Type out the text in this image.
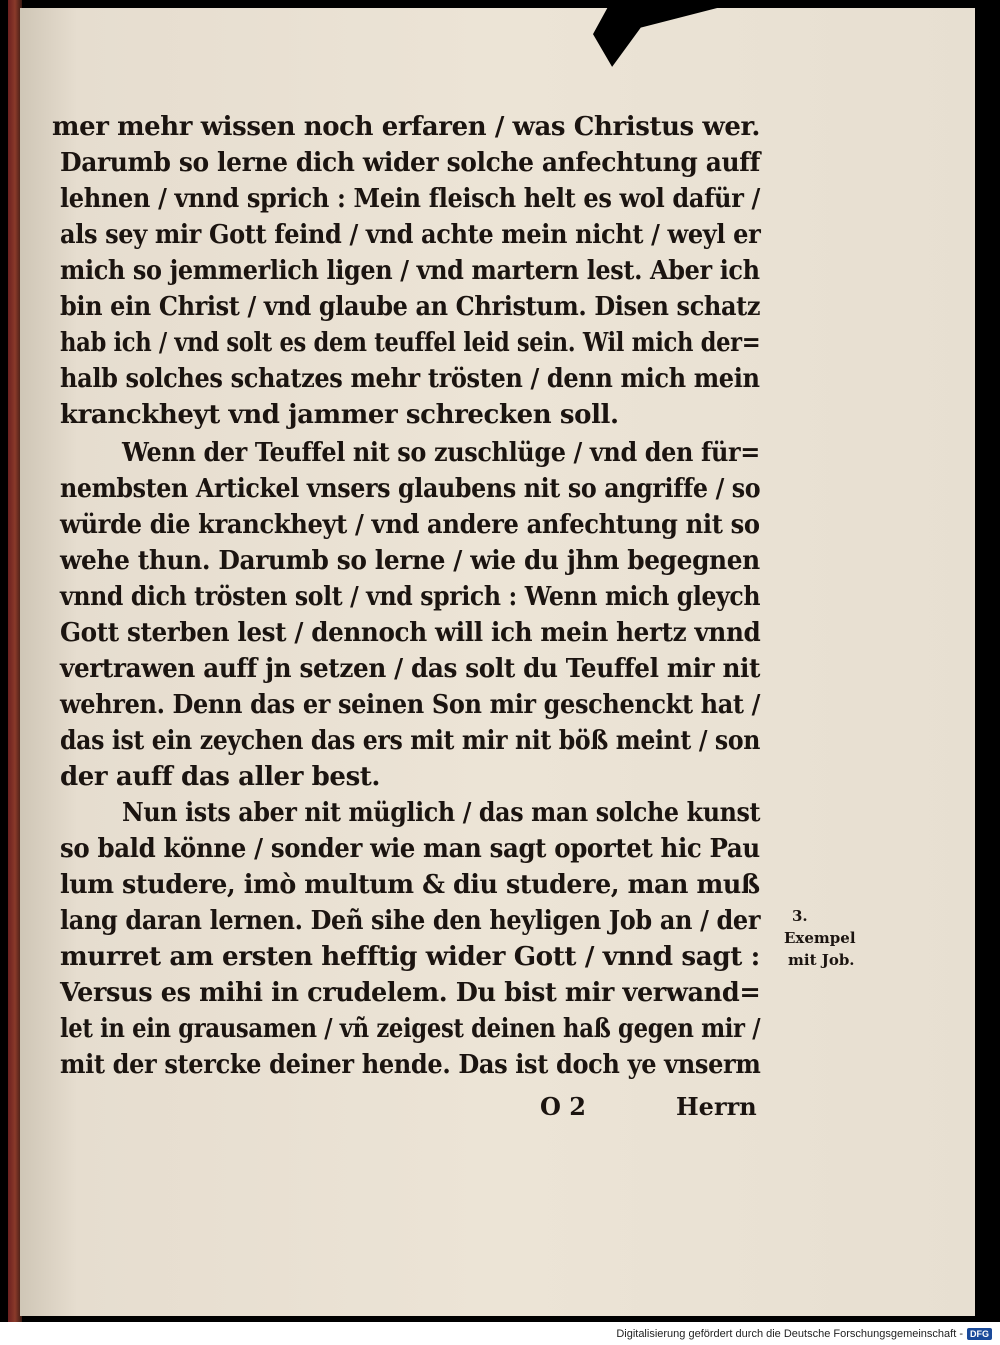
mer mehr wissen noch erfaren / was Christus wer.
Darumb so lerne dich wider solche anfechtung auff
lehnen / vnnd sprich : Mein fleisch helt es wol dafür /
als sey mir Gott feind / vnd achte mein nicht / weyl er
mich so jemmerlich ligen / vnd martern lest. Aber ich
bin ein Christ / vnd glaube an Christum. Disen schatz
hab ich / vnd solt es dem teuffel leid sein. Wil mich der=
halb solches schatzes mehr trösten / denn mich mein
kranckheyt vnd jammer schrecken soll.
Wenn der Teuffel nit so zuschlüge / vnd den für=
nembsten Artickel vnsers glaubens nit so angriffe / so
würde die kranckheyt / vnd andere anfechtung nit so
wehe thun. Darumb so lerne / wie du jhm begegnen
vnnd dich trösten solt / vnd sprich : Wenn mich gleych
Gott sterben lest / dennoch will ich mein hertz vnnd
vertrawen auff jn setzen / das solt du Teuffel mir nit
wehren. Denn das er seinen Son mir geschenckt hat /
das ist ein zeychen das ers mit mir nit böß meint / son
der auff das aller best.
Nun ists aber nit müglich / das man solche kunst
so bald könne / sonder wie man sagt oportet hic Pau
lum studere, imò multum & diu studere, man muß
lang daran lernen. Deñ sihe den heyligen Job an / der
murret am ersten hefftig wider Gott / vnnd sagt :
Versus es mihi in crudelem. Du bist mir verwand=
let in ein grausamen / vñ zeigest deinen haß gegen mir /
mit der stercke deiner hende. Das ist doch ye vnserm
O 2	Herrn
3.
Exempel
mit Job.
Digitalisierung gefördert durch die Deutsche Forschungsgemeinschaft - DFG
